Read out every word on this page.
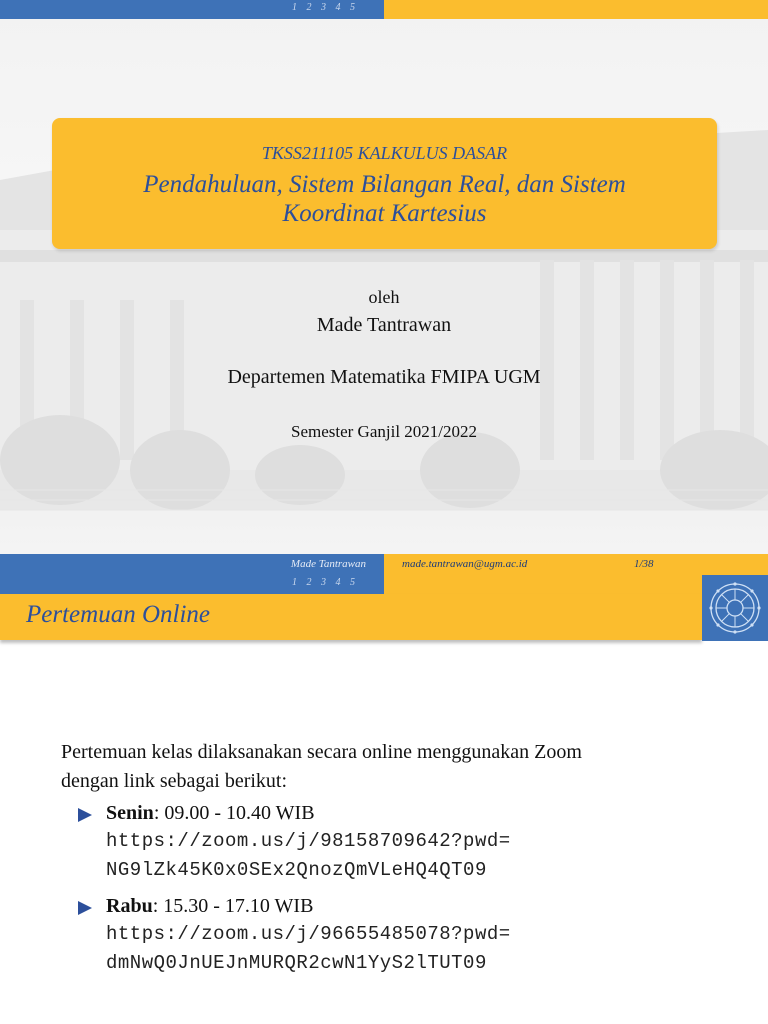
1 2 3 4 5
TKSS211105 KALKULUS DASAR
Pendahuluan, Sistem Bilangan Real, dan Sistem
Koordinat Kartesius
oleh
Made Tantrawan
Departemen Matematika FMIPA UGM
Semester Ganjil 2021/2022
Made Tantrawan	made.tantrawan@ugm.ac.id	1/38
1 2 3 4 5
Pertemuan Online
Pertemuan kelas dilaksanakan secara online menggunakan Zoom
dengan link sebagai berikut:
Senin: 09.00 - 10.40 WIB
https://zoom.us/j/98158709642?pwd=
NG9lZk45K0x0SEx2QnozQmVLeHQ4QT09
Rabu: 15.30 - 17.10 WIB
https://zoom.us/j/96655485078?pwd=
dmNwQ0JnUEJnMURQR2cwN1YyS2lTUT09
